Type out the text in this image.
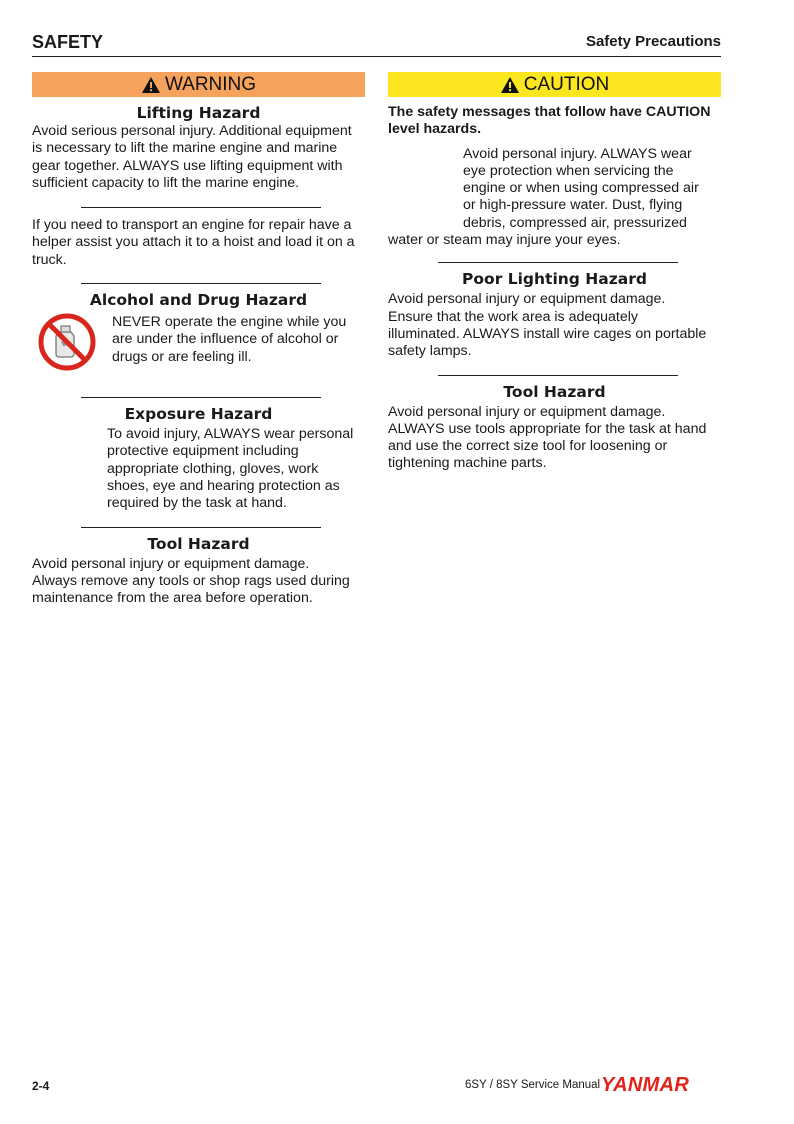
SAFETY	Safety Precautions
WARNING

Lifting Hazard

Avoid serious personal injury. Additional equipment

is necessary to lift the marine engine and marine

gear together. ALWAYS use lifting equipment with

sufficient capacity to lift the marine engine.

If you need to transport an engine for repair have a

helper assist you attach it to a hoist and load it on a

truck.

Alcohol and Drug Hazard

NEVER operate the engine while you

are under the influence of alcohol or

drugs or are feeling ill.

Exposure Hazard

To avoid injury, ALWAYS wear personal

protective equipment including

appropriate clothing, gloves, work

shoes, eye and hearing protection as

required by the task at hand.

Tool Hazard

Avoid personal injury or equipment damage.

Always remove any tools or shop rags used during

maintenance from the area before operation.

CAUTION

The safety messages that follow have CAUTION

level hazards.

Avoid personal injury. ALWAYS wear

eye protection when servicing the

engine or when using compressed air

or high-pressure water. Dust, flying

debris, compressed air, pressurized

water or steam may injure your eyes.

Poor Lighting Hazard

Avoid personal injury or equipment damage.

Ensure that the work area is adequately

illuminated. ALWAYS install wire cages on portable

safety lamps.

Tool Hazard

Avoid personal injury or equipment damage.

ALWAYS use tools appropriate for the task at hand

and use the correct size tool for loosening or

tightening machine parts.

2-4	6SY / 8SY Service Manual YANMAR
